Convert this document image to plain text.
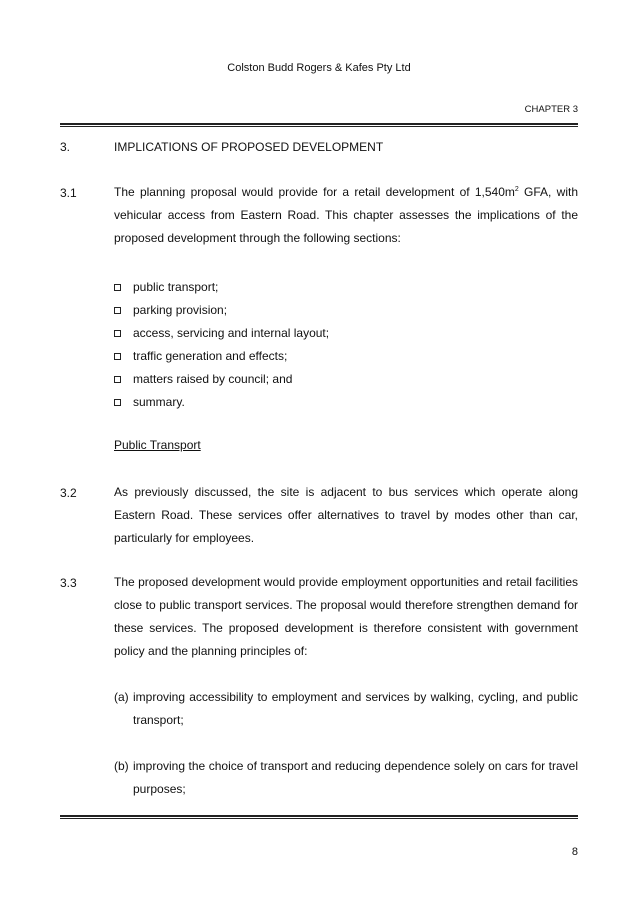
Colston Budd Rogers & Kafes Pty Ltd
CHAPTER 3
3.	IMPLICATIONS OF PROPOSED DEVELOPMENT
3.1	The planning proposal would provide for a retail development of $1,540m^2$ GFA, with vehicular access from Eastern Road. This chapter assesses the implications of the proposed development through the following sections:
public transport;
parking provision;
access, servicing and internal layout;
traffic generation and effects;
matters raised by council; and
summary.
Public Transport
3.2	As previously discussed, the site is adjacent to bus services which operate along Eastern Road. These services offer alternatives to travel by modes other than car, particularly for employees.
3.3	The proposed development would provide employment opportunities and retail facilities close to public transport services. The proposal would therefore strengthen demand for these services. The proposed development is therefore consistent with government policy and the planning principles of:
(a) improving accessibility to employment and services by walking, cycling, and public transport;
(b) improving the choice of transport and reducing dependence solely on cars for travel purposes;
8
